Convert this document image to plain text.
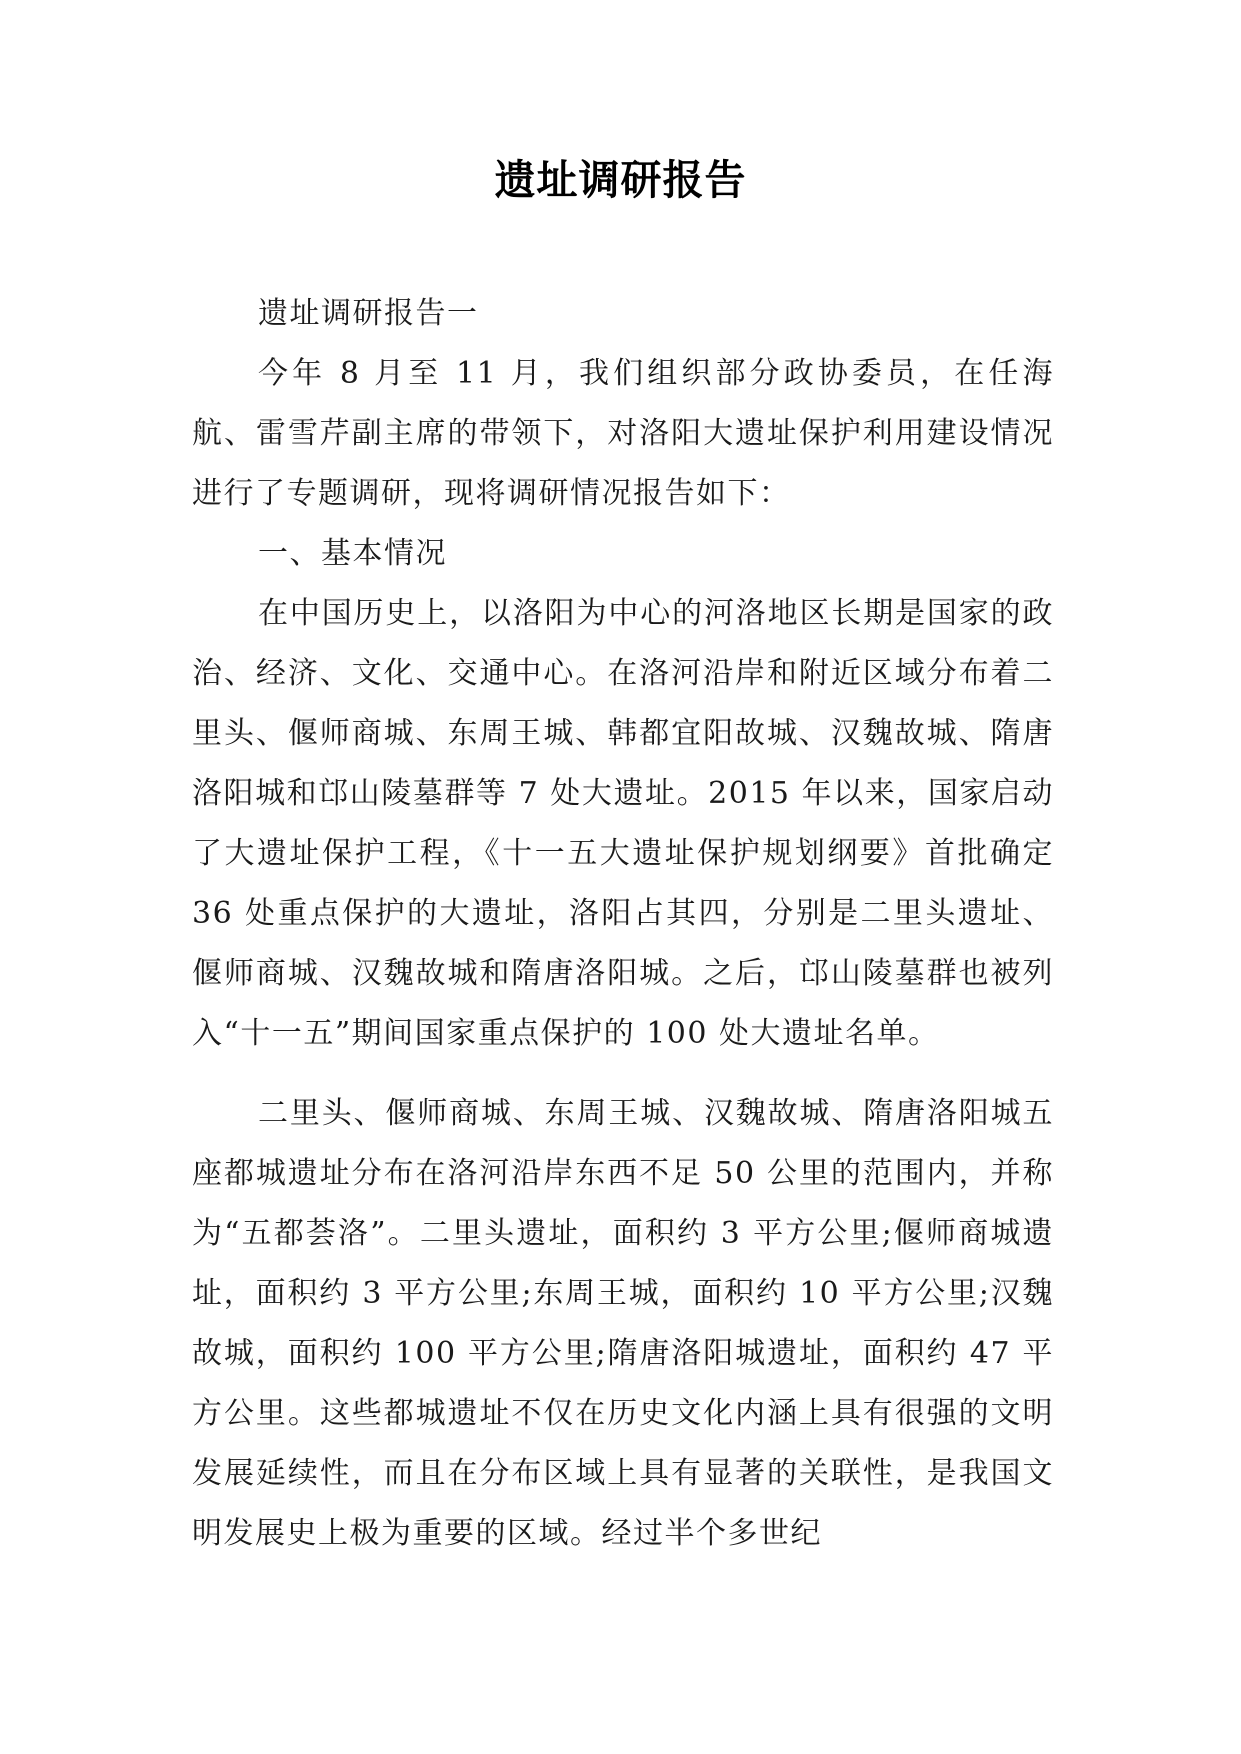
遗址调研报告

遗址调研报告一

今年 8 月至 11 月，我们组织部分政协委员，在任海航、雷雪芹副主席的带领下，对洛阳大遗址保护利用建设情况进行了专题调研，现将调研情况报告如下：

一、基本情况

在中国历史上，以洛阳为中心的河洛地区长期是国家的政治、经济、文化、交通中心。在洛河沿岸和附近区域分布着二里头、偃师商城、东周王城、韩都宜阳故城、汉魏故城、隋唐洛阳城和邙山陵墓群等 7 处大遗址。2015 年以来，国家启动了大遗址保护工程，《十一五大遗址保护规划纲要》首批确定 36 处重点保护的大遗址，洛阳占其四，分别是二里头遗址、偃师商城、汉魏故城和隋唐洛阳城。之后，邙山陵墓群也被列入“十一五”期间国家重点保护的 100 处大遗址名单。

二里头、偃师商城、东周王城、汉魏故城、隋唐洛阳城五座都城遗址分布在洛河沿岸东西不足 50 公里的范围内，并称为“五都荟洛”。二里头遗址，面积约 3 平方公里;偃师商城遗址，面积约 3 平方公里;东周王城，面积约 10 平方公里;汉魏故城，面积约 100 平方公里;隋唐洛阳城遗址，面积约 47 平方公里。这些都城遗址不仅在历史文化内涵上具有很强的文明发展延续性，而且在分布区域上具有显著的关联性，是我国文明发展史上极为重要的区域。经过半个多世纪
